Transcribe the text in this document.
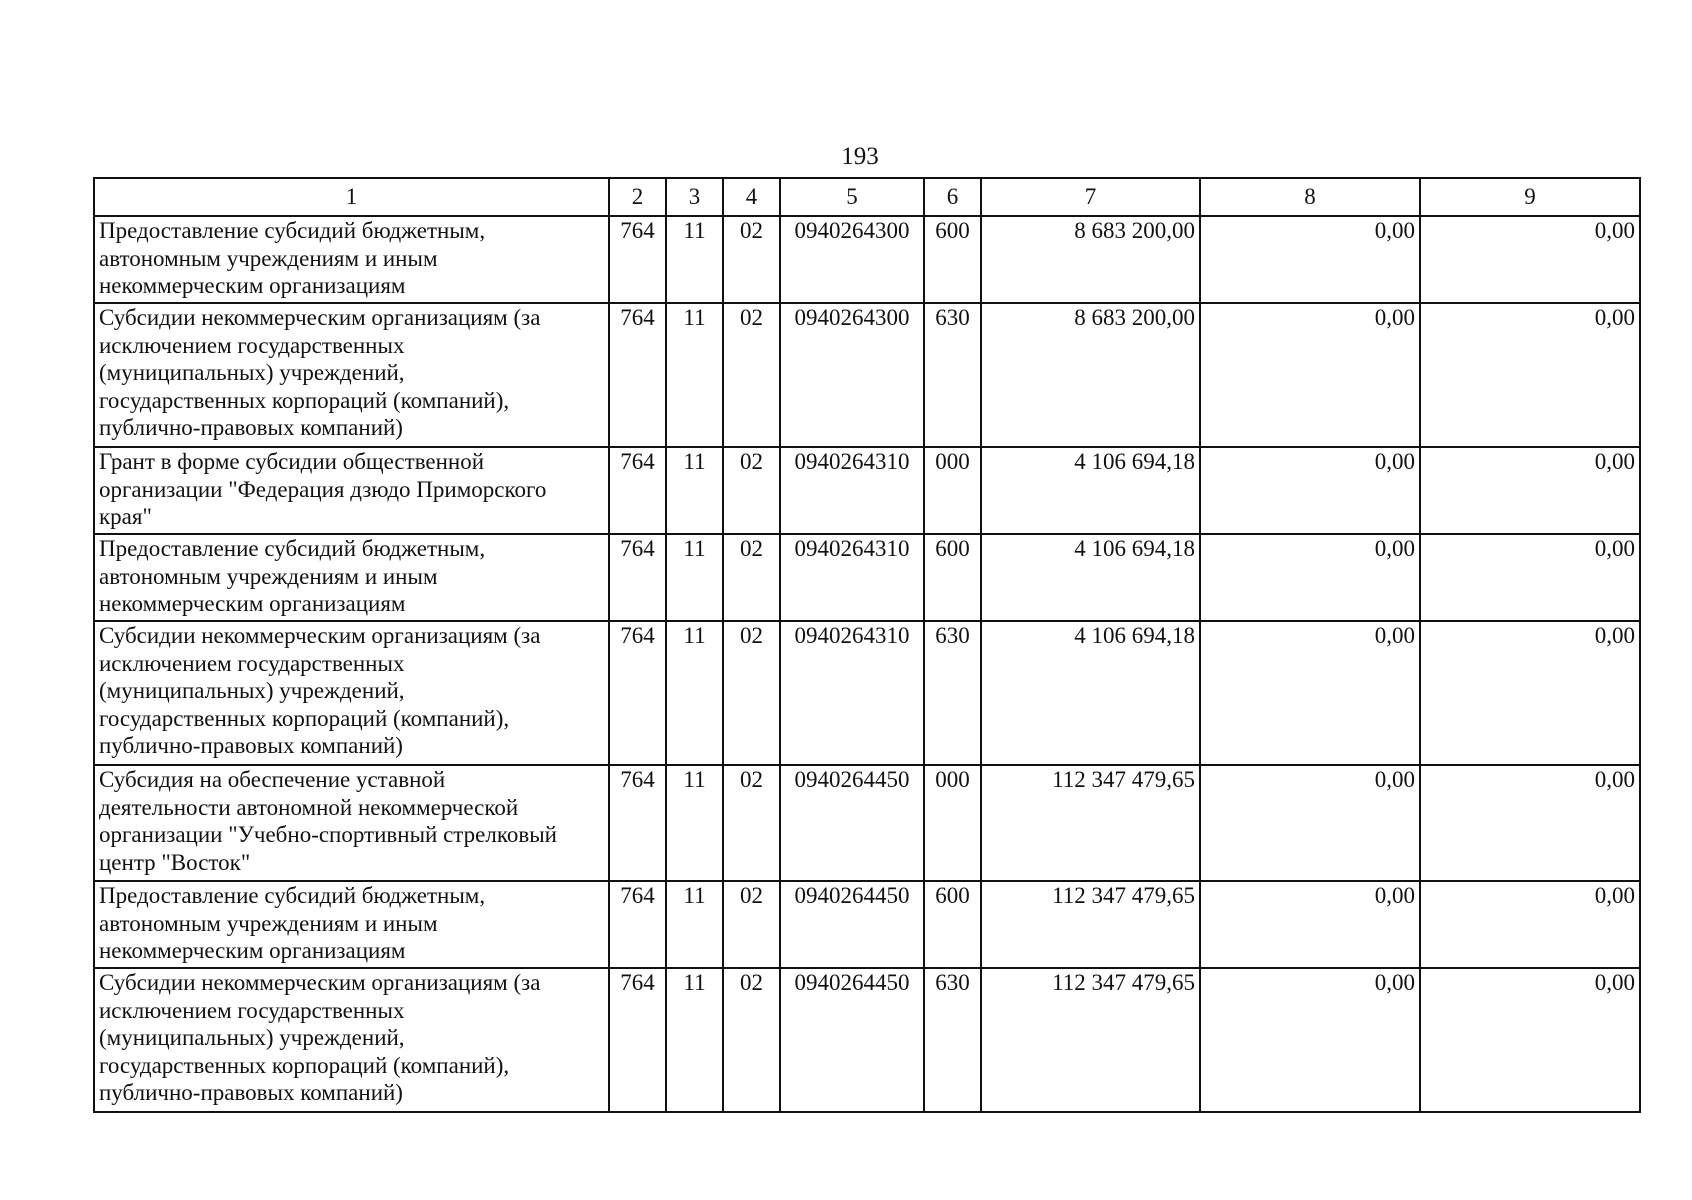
193
1	2	3	4	5	6	7	8	9

Предоставление субсидий бюджетным,
автономным учреждениям и иным
некоммерческим организациям	764	11	02	0940264300	600	8 683 200,00	0,00	0,00

Субсидии некоммерческим организациям (за
исключением государственных
(муниципальных) учреждений,
государственных корпораций (компаний),
публично-правовых компаний)	764	11	02	0940264300	630	8 683 200,00	0,00	0,00

Грант в форме субсидии общественной
организации "Федерация дзюдо Приморского
края"	764	11	02	0940264310	000	4 106 694,18	0,00	0,00

Предоставление субсидий бюджетным,
автономным учреждениям и иным
некоммерческим организациям	764	11	02	0940264310	600	4 106 694,18	0,00	0,00

Субсидии некоммерческим организациям (за
исключением государственных
(муниципальных) учреждений,
государственных корпораций (компаний),
публично-правовых компаний)	764	11	02	0940264310	630	4 106 694,18	0,00	0,00

Субсидия на обеспечение уставной
деятельности автономной некоммерческой
организации "Учебно-спортивный стрелковый
центр "Восток"	764	11	02	0940264450	000	112 347 479,65	0,00	0,00

Предоставление субсидий бюджетным,
автономным учреждениям и иным
некоммерческим организациям	764	11	02	0940264450	600	112 347 479,65	0,00	0,00

Субсидии некоммерческим организациям (за
исключением государственных
(муниципальных) учреждений,
государственных корпораций (компаний),
публично-правовых компаний)	764	11	02	0940264450	630	112 347 479,65	0,00	0,00
